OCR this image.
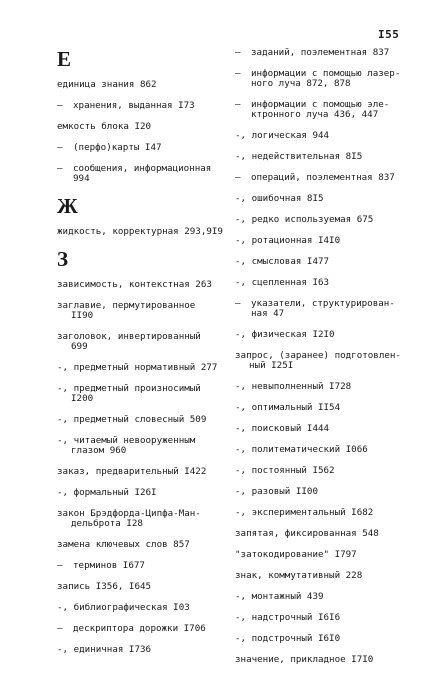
I55
Е
единица знания 862
– хранения, выданная I73
емкость блока I20
– (перфо)карты I47
– сообщения, информационная
994
Ж
жидкость, корректурная 293,9I9
З
зависимость, контекстная 263
заглавие, пермутированное
II90
заголовок, инвертированный
699
-, предметный нормативный 277
-, предметный произносимый
I200
-, предметный словесный 509
-, читаемый невооруженным
глазом 960
заказ, предварительный I422
-, формальный I26I
закон Брэдфорда-Ципфа-Ман-
дельброта I28
замена ключевых слов 857
– терминов I677
запись I356, I645
-, библиографическая I03
– дескриптора дорожки I706
-, единичная I736
– заданий, поэлементная 837
– информации с помощью лазер-
ного луча 872, 878
– информации с помощью эле-
ктронного луча 436, 447
-, логическая 944
-, недействительная 8I5
– операций, поэлементная 837
-, ошибочная 8I5
-, редко используемая 675
-, ротационная I4I0
-, смысловая I477
-, сцепленная I63
– указатели, структурирован-
ная 47
-, физическая I2I0
запрос, (заранее) подготовлен-
ный I25I
-, невыполненный I728
-, оптимальный II54
-, поисковый I444
-, политематический I066
-, постоянный I562
-, разовый II00
-, экспериментальный I682
запятая, фиксированная 548
"затокодирование" I797
знак, коммутативный 228
-, монтажный 439
-, надстрочный I6I6
-, подстрочный I6I0
значение, прикладное I7I0
